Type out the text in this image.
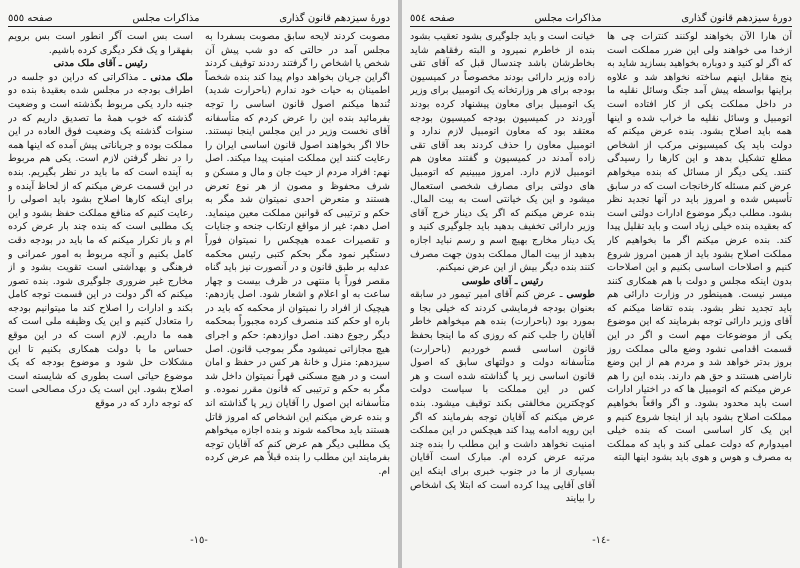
دورهٔ سیزدهم قانون گذاری
مذاکرات مجلس
صفحه ٥٥٥

مصوبت کردند لایحه سابق مصوبت بسفردا به مجلس آمد در حالتی که دو شب پیش آن شخص یا اشخاص را گرفتند رددند توقیف کردند اگراین جریان بخواهد دوام پیدا کند بنده شخصاً اطمینان به حیات خود ندارم (باحرارت شدید) تُندها میکنم اصول قانون اساسی را توجه بفرمائید بنده این را عرض کردم که متأسفانه آقای نخست وزیر در این مجلس اینجا نیستند. حالا اگر بخواهند اصول قانون اساسی ایران را رعایت کنند این مملکت امنیت پیدا میکند. اصل نهم: افراد مردم از حیث جان و مال و مسکن و شرف محفوظ و مصون از هر نوع تعرض هستند و متعرض احدی نمیتوان شد مگر به حکم و ترتیبی که قوانین مملکت معین مینماید. اصل دهم: غیر از مواقع ارتکاب جنحه و جنایات و تقصیرات عمده هیچکس را نمیتوان فوراً دستگیر نمود مگر بحکم کتبی رئیس محکمه عدلیه بر طبق قانون و در آنصورت نیز باید گناه مقصر فوراً یا منتهی در ظرف بیست و چهار ساعت به او اعلام و اشعار شود. اصل یازدهم: هیچیک از افراد را نمیتوان از محکمه که باید در باره او حکم کند منصرف کرده مجبوراً بمحکمه دیگر رجوع دهند. اصل دوازدهم: حکم و اجرای هیچ مجازاتی نمیشود مگر بموجب قانون. اصل سیزدهم: منزل و خانهٔ هر کس در حفظ و امان است و در هیچ مسکنی قهراً نمیتوان داخل شد مگر به حکم و ترتیبی که قانون مقرر نموده. و متأسفانه این اصول را آقایان زیر پا گذاشته اند و بنده عرض میکنم این اشخاص که امروز قاتل هستند باید محاکمه شوند و بنده اجازه میخواهم یک مطلبی دیگر هم عرض کنم که آقایان توجه بفرمایند این مطلب را بنده قبلاً هم عرض کرده ام.

است بس است آگر انطور است بس برویم بفهقرا و یک فکر دیگری کرده باشیم.

رئیس ـ آقای ملک مدنی

ملک مدنی ـ مذاکراتی که دراین دو جلسه در اطراف بودجه در مجلس شده بعقیدهٔ بنده دو جنبه دارد یکی مربوط بگذشته است و وضعیت گذشته که خوب همهٔ ما تصدیق داریم که در سنوات گذشته یک وضعیت فوق العاده در این مملکت بوده و جریاناتی پیش آمده که اینها همه را در نظر گرفتن لازم است. یکی هم مربوط به آینده است که ما باید در نظر بگیریم. بنده در این قسمت عرض میکنم که از لحاظ آینده و برای اینکه کارها اصلاح بشود باید اصولی را رعایت کنیم که منافع مملکت حفظ بشود و این یک مطلبی است که بنده چند بار عرض کرده ام و باز تکرار میکنم که ما باید در بودجه دقت کامل بکنیم و آنچه مربوط به امور عمرانی و فرهنگی و بهداشتی است تقویت بشود و از مخارج غیر ضروری جلوگیری شود. بنده تصور میکنم که اگر دولت در این قسمت توجه کامل بکند و ادارات را اصلاح کند ما میتوانیم بودجه را متعادل کنیم و این یک وظیفه ملی است که همه ما داریم. لازم است که در این موقع حساس ما با دولت همکاری بکنیم تا این مشکلات حل شود و موضوع بودجه که یک موضوع حیاتی است بطوری که شایسته است اصلاح بشود. این است یک درک مصالحی است که توجه دارد که در موقع

-١٥-
دورهٔ سیزدهم قانون گذاری
مذاکرات مجلس
صفحه ٥٥٤

آن هارا الآن بخواهند لوکنند کنترات چی ها ازخدا می خواهند ولی این ضرر مملکت است که اگر لو کنید و دوباره بخواهید بسازید شاید به پنج مقابل اینهم ساخته نخواهد شد و علاوه براینها بواسطه پیش آمد جنگ وسائل نقلیه ما در داخل مملکت یکی از کار افتاده است اتومبیل و وسائل نقلیه ما خراب شده و اینها همه باید اصلاح بشود. بنده عرض میکنم که دولت باید یک کمیسیونی مرکب از اشخاص مطلع تشکیل بدهد و این کارها را رسیدگی کنند. یکی دیگر از مسائل که بنده میخواهم عرض کنم مسئله کارخانجات است که در سابق تأسیس شده و امروز باید در آنها تجدید نظر بشود. مطلب دیگر موضوع ادارات دولتی است که بعقیده بنده خیلی زیاد است و باید تقلیل پیدا کند. بنده عرض میکنم اگر ما بخواهیم کار مملکت اصلاح بشود باید از همین امروز شروع کنیم و اصلاحات اساسی بکنیم و این اصلاحات بدون اینکه مجلس و دولت با هم همکاری کنند میسر نیست. همینطور در وزارت دارائی هم باید تجدید نظر بشود. بنده تقاضا میکنم که آقای وزیر دارائی توجه بفرمایند که این موضوع یکی از موضوعات مهم است و اگر در این قسمت اقدامی نشود وضع مالی مملکت روز بروز بدتر خواهد شد و مردم هم از این وضع ناراضی هستند و حق هم دارند. بنده این را هم عرض میکنم که اتومبیل ها که در اختیار ادارات است باید محدود بشود. و اگر واقعاً بخواهیم مملکت اصلاح بشود باید از اینجا شروع کنیم و این یک کار اساسی است که بنده خیلی امیدوارم که دولت عملی کند و باید که مملکت به مصرف و هوس و هوی باید بشود اینها البته

خیانت است و باید جلوگیری بشود تعقیب بشود بنده از خاطرم نمیرود و البته رفقاهم شاید بخاطرشان باشد چندسال قبل که آقای تقی زاده وزیر دارائی بودند مخصوصاً در کمیسیون بودجه برای هر وزارتخانه یک اتومبیل برای وزیر یک اتومبیل برای معاون پیشنهاد کرده بودند آوردند در کمیسیون بودجه کمیسیون بودجه معتقد بود که معاون اتومبیل لازم ندارد و اتومبیل معاون را حذف کردند بعد آقای تقی زاده آمدند در کمیسیون و گفتند معاون هم اتومبیل لازم دارد. امروز میبینیم که اتومبیل های دولتی برای مصارف شخصی استعمال میشود و این یک خیانتی است به بیت المال. بنده عرض میکنم که اگر یک دینار خرج آقای وزیر دارائی تخفیف بدهید باید جلوگیری کنید و یک دینار مخارج بهیچ اسم و رسم نباید اجازه بدهید از بیت المال مملکت بدون جهت مصرف کنند بنده دیگر بیش از این عرض نمیکنم.

رئیس ـ آقای طوسی

طوسی ـ عرض کنم آقای امیر تیمور در سابقه بعنوان بودجه فرمایشی کردند که خیلی بجا و بمورد بود (باحرارت) بنده هم میخواهم خاطر آقایان را جلب کنم که روزی که ما اینجا بحفظ قانون اساسی قسم خوردیم (باحرارت) متأسفانه دولت و دولتهای سابق که اصول قانون اساسی زیر پا گذاشته شده است و هر کس در این مملکت با سیاست دولت کوچکترین مخالفتی بکند توقیف میشود. بنده عرض میکنم که آقایان توجه بفرمایند که اگر این رویه ادامه پیدا کند هیچکس در این مملکت امنیت نخواهد داشت و این مطلب را بنده چند مرتبه عرض کرده ام. مبارک است آقایان بسیاری از ما در جنوب خبری برای اینکه این آقای آقایی پیدا کرده است که ابتلا یک اشخاص را بیایند

-١٤-
